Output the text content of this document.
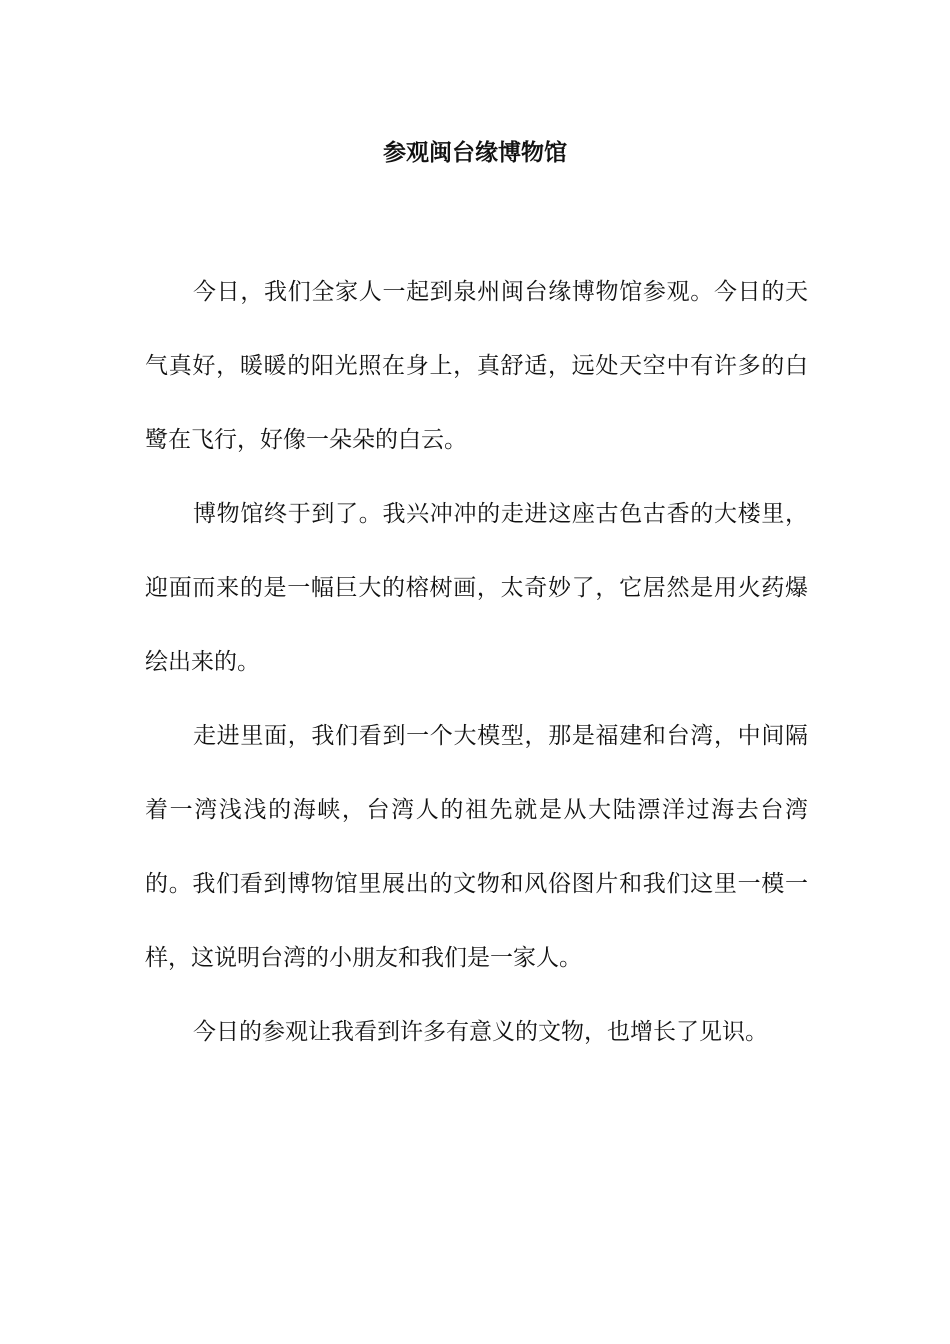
参观闽台缘博物馆

今日，我们全家人一起到泉州闽台缘博物馆参观。今日的天气真好，暖暖的阳光照在身上，真舒适，远处天空中有许多的白鹭在飞行，好像一朵朵的白云。

博物馆终于到了。我兴冲冲的走进这座古色古香的大楼里，迎面而来的是一幅巨大的榕树画，太奇妙了，它居然是用火药爆绘出来的。

走进里面，我们看到一个大模型，那是福建和台湾，中间隔着一湾浅浅的海峡，台湾人的祖先就是从大陆漂洋过海去台湾的。我们看到博物馆里展出的文物和风俗图片和我们这里一模一样，这说明台湾的小朋友和我们是一家人。

今日的参观让我看到许多有意义的文物，也增长了见识。
